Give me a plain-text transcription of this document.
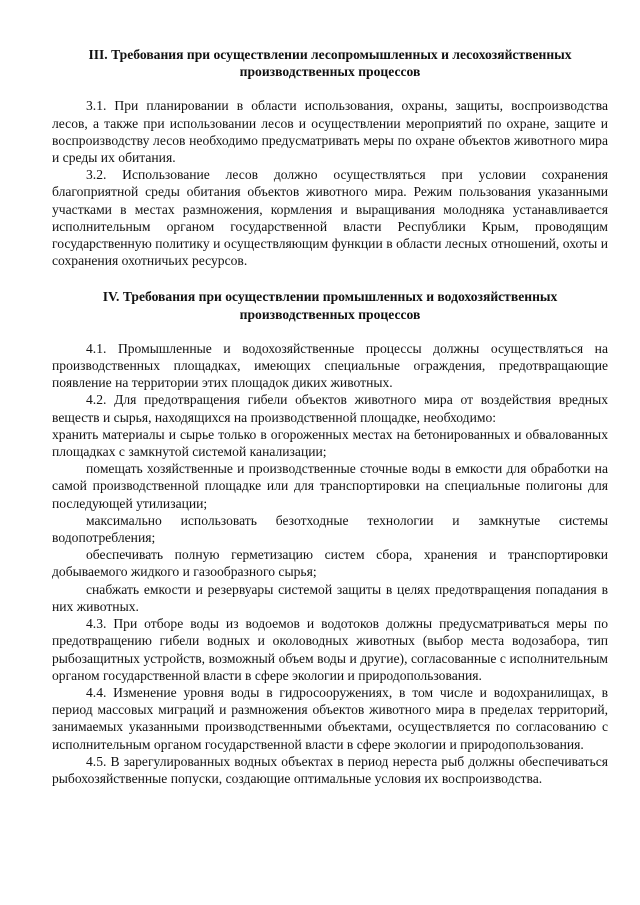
III. Требования при осуществлении лесопромышленных и лесохозяйственных производственных процессов

3.1. При планировании в области использования, охраны, защиты, воспроизводства лесов, а также при использовании лесов и осуществлении мероприятий по охране, защите и воспроизводству лесов необходимо предусматривать меры по охране объектов животного мира и среды их обитания.

3.2. Использование лесов должно осуществляться при условии сохранения благоприятной среды обитания объектов животного мира. Режим пользования указанными участками в местах размножения, кормления и выращивания молодняка устанавливается исполнительным органом государственной власти Республики Крым, проводящим государственную политику и осуществляющим функции в области лесных отношений, охоты и сохранения охотничьих ресурсов.

IV. Требования при осуществлении промышленных и водохозяйственных производственных процессов

4.1. Промышленные и водохозяйственные процессы должны осуществляться на производственных площадках, имеющих специальные ограждения, предотвращающие появление на территории этих площадок диких животных.

4.2. Для предотвращения гибели объектов животного мира от воздействия вредных веществ и сырья, находящихся на производственной площадке, необходимо:

хранить материалы и сырье только в огороженных местах на бетонированных и обвалованных площадках с замкнутой системой канализации;

помещать хозяйственные и производственные сточные воды в емкости для обработки на самой производственной площадке или для транспортировки на специальные полигоны для последующей утилизации;

максимально использовать безотходные технологии и замкнутые системы водопотребления;

обеспечивать полную герметизацию систем сбора, хранения и транспортировки добываемого жидкого и газообразного сырья;

снабжать емкости и резервуары системой защиты в целях предотвращения попадания в них животных.

4.3. При отборе воды из водоемов и водотоков должны предусматриваться меры по предотвращению гибели водных и околоводных животных (выбор места водозабора, тип рыбозащитных устройств, возможный объем воды и другие), согласованные с исполнительным органом государственной власти в сфере экологии и природопользования.

4.4. Изменение уровня воды в гидросооружениях, в том числе и водохранилищах, в период массовых миграций и размножения объектов животного мира в пределах территорий, занимаемых указанными производственными объектами, осуществляется по согласованию с исполнительным органом государственной власти в сфере экологии и природопользования.

4.5. В зарегулированных водных объектах в период нереста рыб должны обеспечиваться рыбохозяйственные попуски, создающие оптимальные условия их воспроизводства.
